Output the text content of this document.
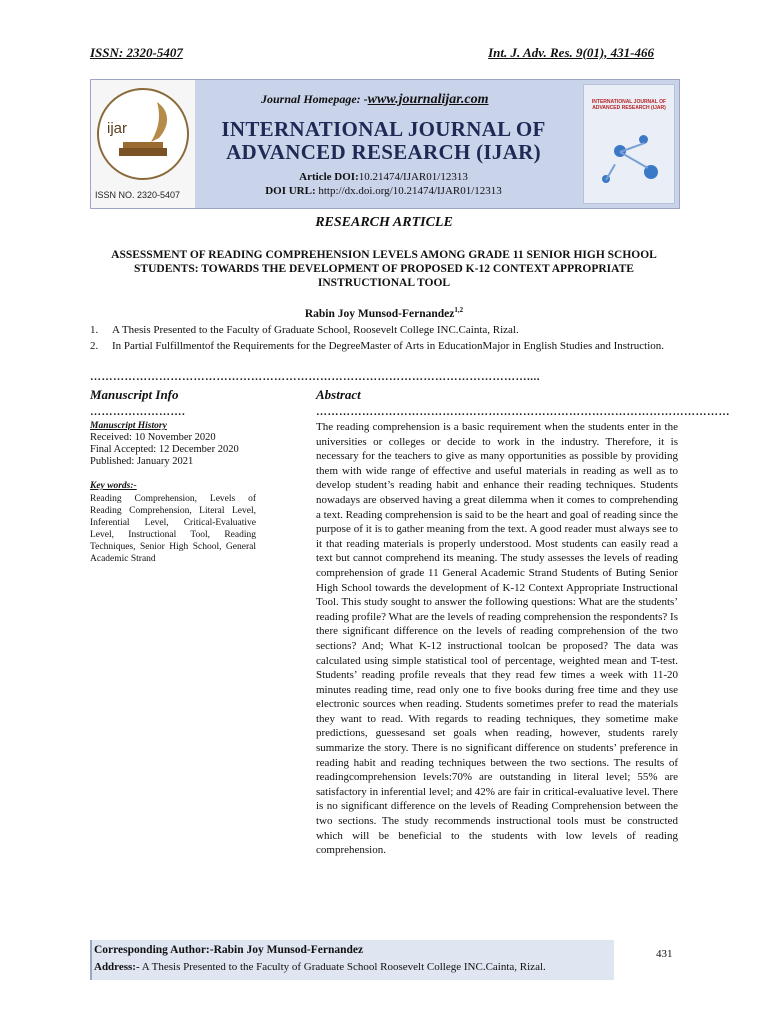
ISSN: 2320-5407	Int. J. Adv. Res. 9(01), 431-466
ijar
ISSN NO. 2320-5407
Journal Homepage: -www.journalijar.com
INTERNATIONAL JOURNAL OF
ADVANCED RESEARCH (IJAR)
Article DOI:10.21474/IJAR01/12313
DOI URL: http://dx.doi.org/10.21474/IJAR01/12313
INTERNATIONAL JOURNAL OF ADVANCED RESEARCH (IJAR)
RESEARCH ARTICLE
ASSESSMENT OF READING COMPREHENSION LEVELS AMONG GRADE 11 SENIOR HIGH SCHOOL STUDENTS: TOWARDS THE DEVELOPMENT OF PROPOSED K-12 CONTEXT APPROPRIATE INSTRUCTIONAL TOOL
Rabin Joy Munsod-Fernandez$^{1,2}$
1.	A Thesis Presented to the Faculty of Graduate School, Roosevelt College INC.Cainta, Rizal.
2.	In Partial Fulfillmentof the Requirements for the DegreeMaster of Arts in EducationMajor in English Studies and Instruction.
……………………………………………………………………………………………………....
Manuscript Info	Abstract
…………………….	………………………………………………………………………………………………
Manuscript History
Received: 10 November 2020
Final Accepted: 12 December 2020
Published: January 2021
Key words:-
Reading Comprehension, Levels of Reading Comprehension, Literal Level, Inferential Level, Critical-Evaluative Level, Instructional Tool, Reading Techniques, Senior High School, General Academic Strand
The reading comprehension is a basic requirement when the students enter in the universities or colleges or decide to work in the industry. Therefore, it is necessary for the teachers to give as many opportunities as possible by providing them with wide range of effective and useful materials in reading as well as to develop student’s reading habit and enhance their reading techniques. Students nowadays are observed having a great dilemma when it comes to comprehending a text. Reading comprehension is said to be the heart and goal of reading since the purpose of it is to gather meaning from the text. A good reader must always see to it that reading materials is properly understood. Most students can easily read a text but cannot comprehend its meaning. The study assesses the levels of reading comprehension of grade 11 General Academic Strand Students of Buting Senior High School towards the development of K-12 Context Appropriate Instructional Tool. This study sought to answer the following questions: What are the students’ reading profile? What are the levels of reading comprehension the respondents? Is there significant difference on the levels of reading comprehension of the two sections? And; What K-12 instructional toolcan be proposed? The data was calculated using simple statistical tool of percentage, weighted mean and T-test. Students’ reading profile reveals that they read few times a week with 11-20 minutes reading time, read only one to five books during free time and they use electronic sources when reading. Students sometimes prefer to read the materials they want to read. With regards to reading techniques, they sometime make predictions, guessesand set goals when reading, however, students rarely summarize the story. There is no significant difference on students’ preference in reading habit and reading techniques between the two sections. The results of readingcomprehension levels:70% are outstanding in literal level; 55% are satisfactory in inferential level; and 42% are fair in critical-evaluative level. There is no significant difference on the levels of Reading Comprehension between the two sections. The study recommends instructional tools must be constructed which will be beneficial to the students with low levels of reading comprehension.
Corresponding Author:-Rabin Joy Munsod-Fernandez
Address:- A Thesis Presented to the Faculty of Graduate School Roosevelt College INC.Cainta, Rizal.
431
